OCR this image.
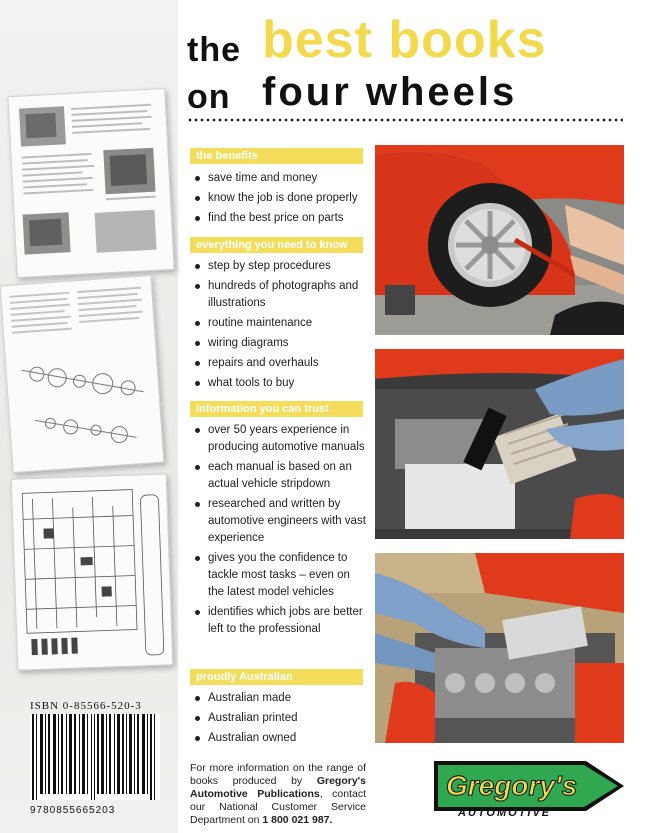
the best books
on four wheels
the benefits
save time and money
know the job is done properly
find the best price on parts
everything you need to know
step by step procedures
hundreds of photographs and illustrations
routine maintenance
wiring diagrams
repairs and overhauls
what tools to buy
information you can trust
over 50 years experience in producing automotive manuals
each manual is based on an actual vehicle stripdown
researched and written by automotive engineers with vast experience
gives you the confidence to tackle most tasks – even on the latest model vehicles
identifies which jobs are better left to the professional
proudly Australian
Australian made
Australian printed
Australian owned
ISBN 0-85566-520-3
9780855665203
For more information on the range of books produced by Gregory's Automotive Publications, contact our National Customer Service Department on 1 800 021 987.
Gregory's
AUTOMOTIVE
